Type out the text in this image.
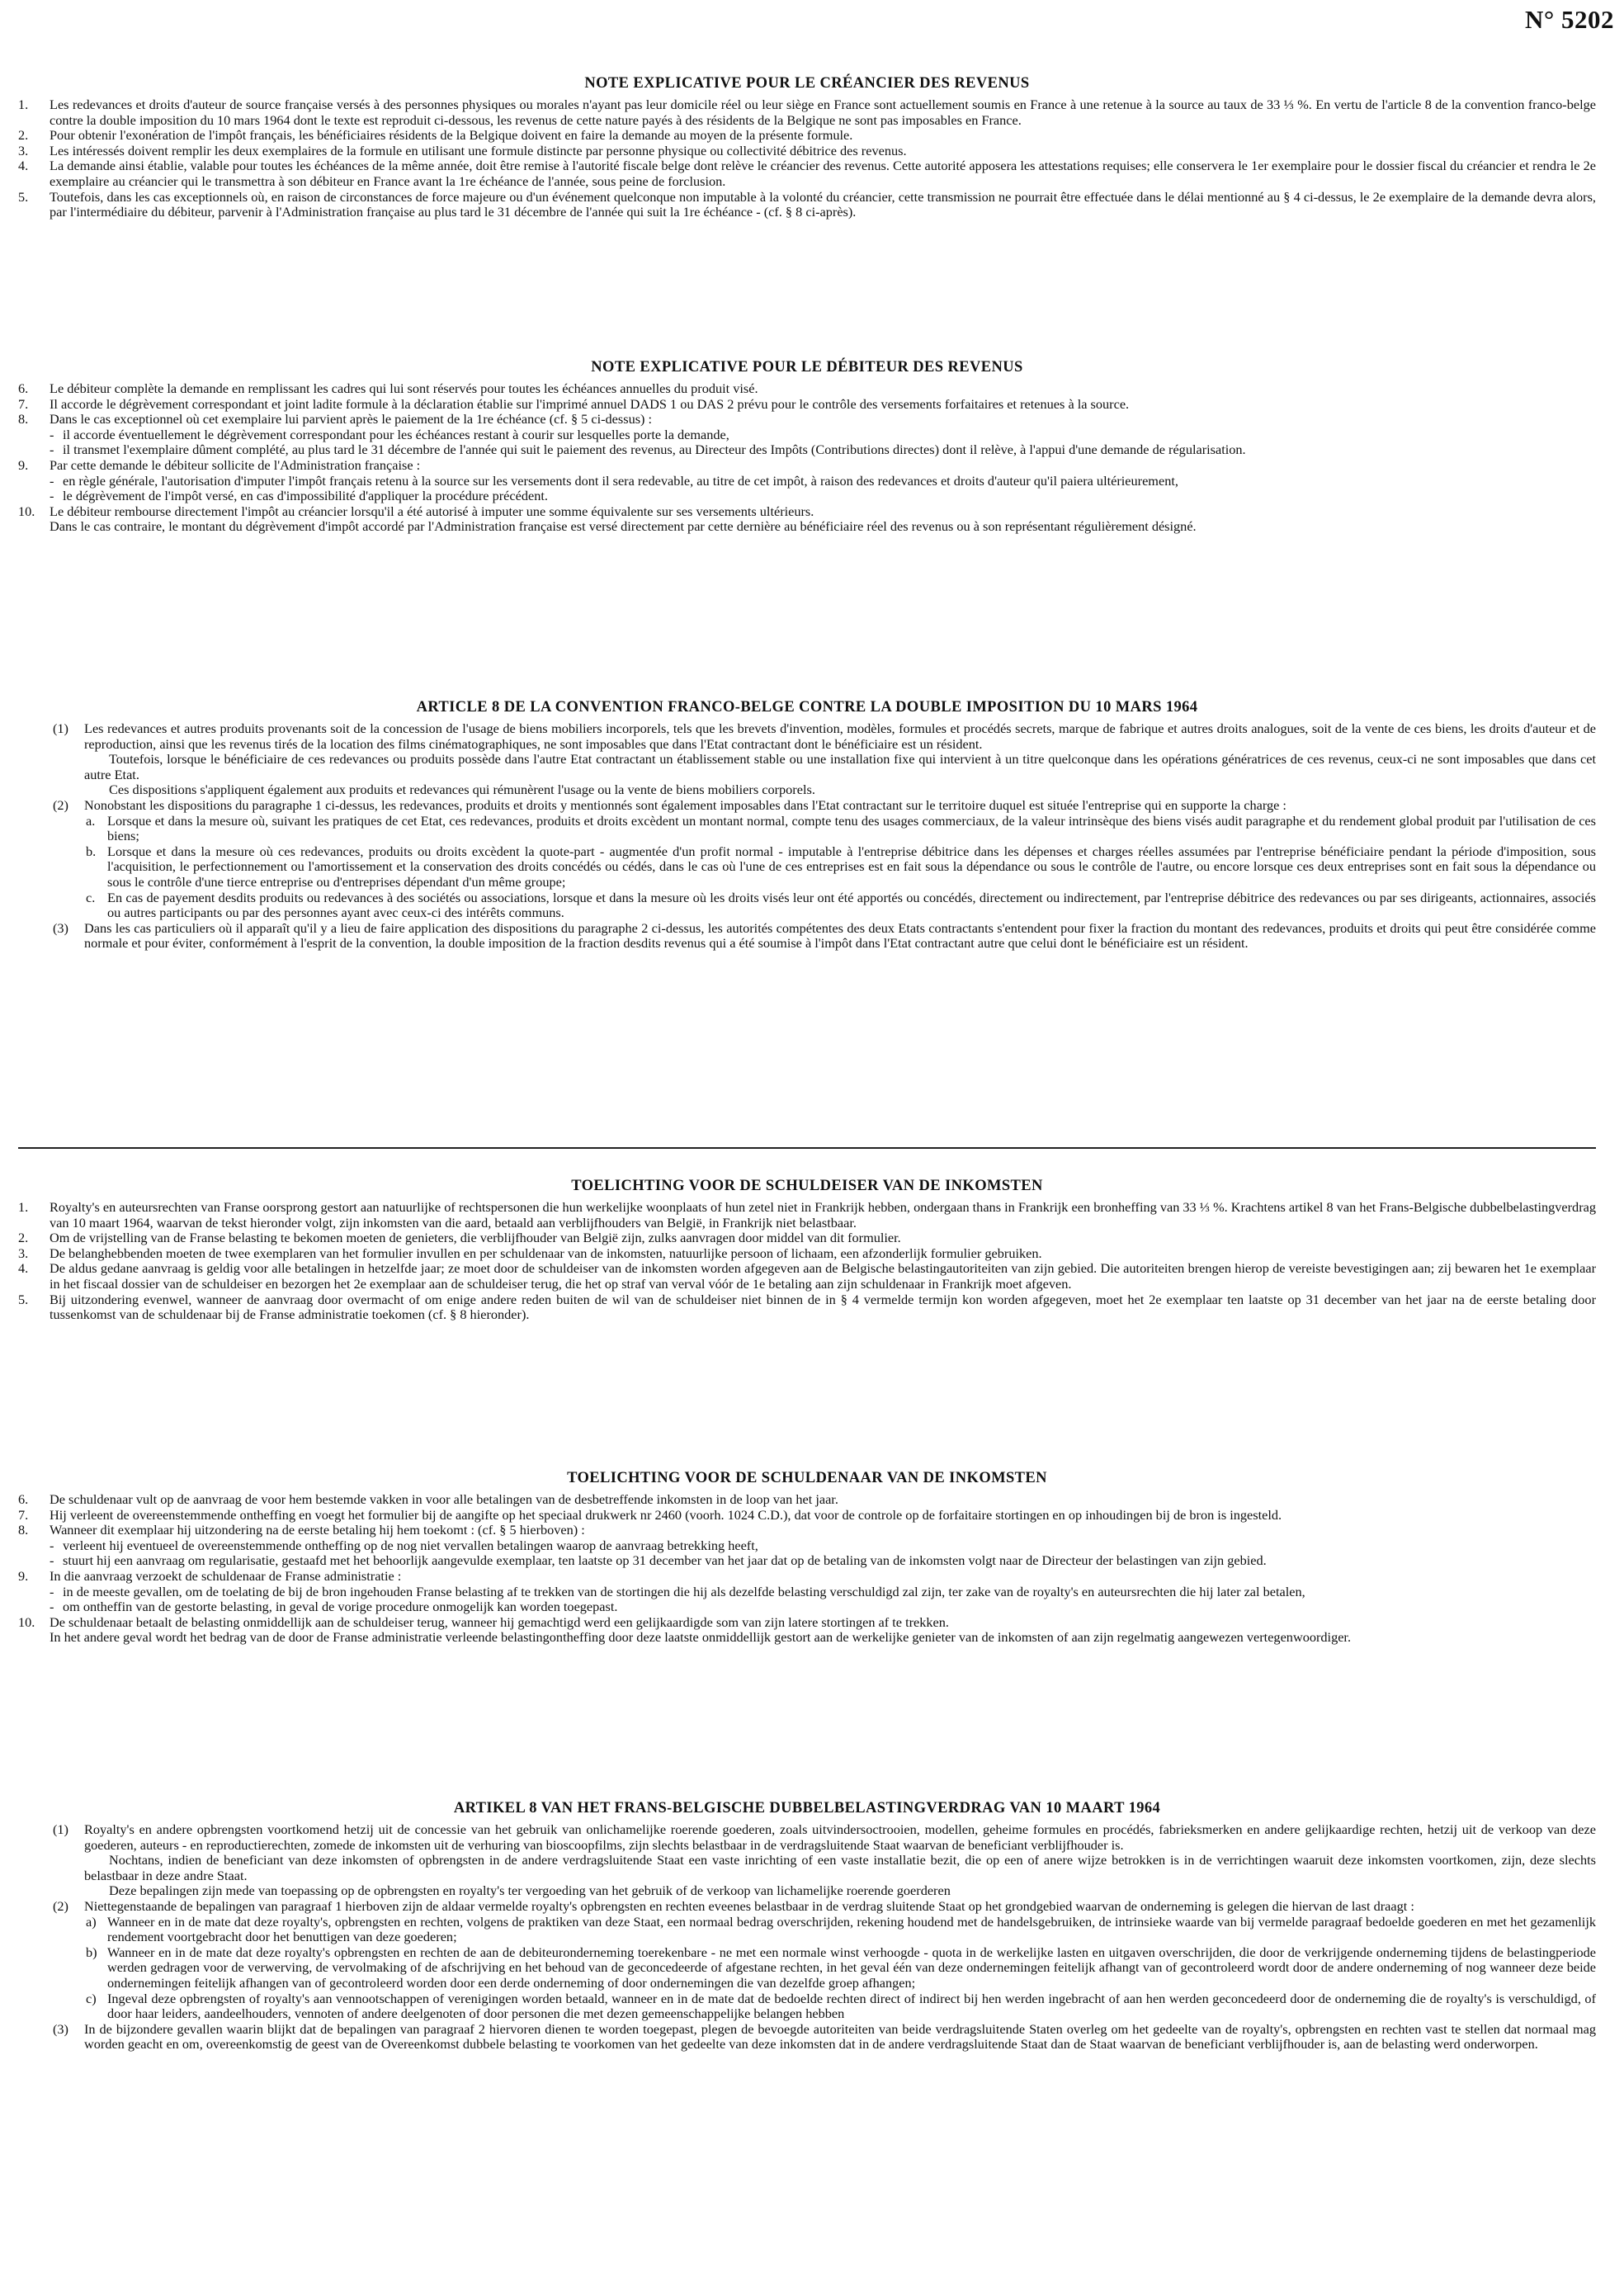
N° 5202
NOTE EXPLICATIVE POUR LE CRÉANCIER DES REVENUS
1.	Les redevances et droits d'auteur de source française versés à des personnes physiques ou morales n'ayant pas leur domicile réel ou leur siège en France sont actuellement soumis en France à une retenue à la source au taux de 33 ⅓ %. En vertu de l'article 8 de la convention franco-belge contre la double imposition du 10 mars 1964 dont le texte est reproduit ci-dessous, les revenus de cette nature payés à des résidents de la Belgique ne sont pas imposables en France.
2.	Pour obtenir l'exonération de l'impôt français, les bénéficiaires résidents de la Belgique doivent en faire la demande au moyen de la présente formule.
3.	Les intéressés doivent remplir les deux exemplaires de la formule en utilisant une formule distincte par personne physique ou collectivité débitrice des revenus.
4.	La demande ainsi établie, valable pour toutes les échéances de la même année, doit être remise à l'autorité fiscale belge dont relève le créancier des revenus. Cette autorité apposera les attestations requises; elle conservera le 1er exemplaire pour le dossier fiscal du créancier et rendra le 2e exemplaire au créancier qui le transmettra à son débiteur en France avant la 1re échéance de l'année, sous peine de forclusion.
5.	Toutefois, dans les cas exceptionnels où, en raison de circonstances de force majeure ou d'un événement quelconque non imputable à la volonté du créancier, cette transmission ne pourrait être effectuée dans le délai mentionné au § 4 ci-dessus, le 2e exemplaire de la demande devra alors, par l'intermédiaire du débiteur, parvenir à l'Administration française au plus tard le 31 décembre de l'année qui suit la 1re échéance - (cf. § 8 ci-après).
NOTE EXPLICATIVE POUR LE DÉBITEUR DES REVENUS
6.	Le débiteur complète la demande en remplissant les cadres qui lui sont réservés pour toutes les échéances annuelles du produit visé.
7.	Il accorde le dégrèvement correspondant et joint ladite formule à la déclaration établie sur l'imprimé annuel DADS 1 ou DAS 2 prévu pour le contrôle des versements forfaitaires et retenues à la source.
8.	Dans le cas exceptionnel où cet exemplaire lui parvient après le paiement de la 1re échéance (cf. § 5 ci-dessus) :
- il accorde éventuellement le dégrèvement correspondant pour les échéances restant à courir sur lesquelles porte la demande,
- il transmet l'exemplaire dûment complété, au plus tard le 31 décembre de l'année qui suit le paiement des revenus, au Directeur des Impôts (Contributions directes) dont il relève, à l'appui d'une demande de régularisation.
9.	Par cette demande le débiteur sollicite de l'Administration française :
- en règle générale, l'autorisation d'imputer l'impôt français retenu à la source sur les versements dont il sera redevable, au titre de cet impôt, à raison des redevances et droits d'auteur qu'il paiera ultérieurement,
- le dégrèvement de l'impôt versé, en cas d'impossibilité d'appliquer la procédure précédent.
10.	Le débiteur rembourse directement l'impôt au créancier lorsqu'il a été autorisé à imputer une somme équivalente sur ses versements ultérieurs.
Dans le cas contraire, le montant du dégrèvement d'impôt accordé par l'Administration française est versé directement par cette dernière au bénéficiaire réel des revenus ou à son représentant régulièrement désigné.
ARTICLE 8 DE LA CONVENTION FRANCO-BELGE CONTRE LA DOUBLE IMPOSITION DU 10 MARS 1964
(1) Les redevances et autres produits provenants soit de la concession de l'usage de biens mobiliers incorporels, tels que les brevets d'invention, modèles, formules et procédés secrets, marque de fabrique et autres droits analogues, soit de la vente de ces biens, les droits d'auteur et de reproduction, ainsi que les revenus tirés de la location des films cinématographiques, ne sont imposables que dans l'Etat contractant dont le bénéficiaire est un résident.
Toutefois, lorsque le bénéficiaire de ces redevances ou produits possède dans l'autre Etat contractant un établissement stable ou une installation fixe qui intervient à un titre quelconque dans les opérations génératrices de ces revenus, ceux-ci ne sont imposables que dans cet autre Etat.
Ces dispositions s'appliquent également aux produits et redevances qui rémunèrent l'usage ou la vente de biens mobiliers corporels.
(2) Nonobstant les dispositions du paragraphe 1 ci-dessus, les redevances, produits et droits y mentionnés sont également imposables dans l'Etat contractant sur le territoire duquel est située l'entreprise qui en supporte la charge :
a. Lorsque et dans la mesure où, suivant les pratiques de cet Etat, ces redevances, produits et droits excèdent un montant normal, compte tenu des usages commerciaux, de la valeur intrinsèque des biens visés audit paragraphe et du rendement global produit par l'utilisation de ces biens;
b. Lorsque et dans la mesure où ces redevances, produits ou droits excèdent la quote-part - augmentée d'un profit normal - imputable à l'entreprise débitrice dans les dépenses et charges réelles assumées par l'entreprise bénéficiaire pendant la période d'imposition, sous l'acquisition, le perfectionnement ou l'amortissement et la conservation des droits concédés ou cédés, dans le cas où l'une de ces entreprises est en fait sous la dépendance ou sous le contrôle de l'autre, ou encore lorsque ces deux entreprises sont en fait sous la dépendance ou sous le contrôle d'une tierce entreprise ou d'entreprises dépendant d'un même groupe;
c. En cas de payement desdits produits ou redevances à des sociétés ou associations, lorsque et dans la mesure où les droits visés leur ont été apportés ou concédés, directement ou indirectement, par l'entreprise débitrice des redevances ou par ses dirigeants, actionnaires, associés ou autres participants ou par des personnes ayant avec ceux-ci des intérêts communs.
(3) Dans les cas particuliers où il apparaît qu'il y a lieu de faire application des dispositions du paragraphe 2 ci-dessus, les autorités compétentes des deux Etats contractants s'entendent pour fixer la fraction du montant des redevances, produits et droits qui peut être considérée comme normale et pour éviter, conformément à l'esprit de la convention, la double imposition de la fraction desdits revenus qui a été soumise à l'impôt dans l'Etat contractant autre que celui dont le bénéficiaire est un résident.
TOELICHTING VOOR DE SCHULDEISER VAN DE INKOMSTEN
1.	Royalty's en auteursrechten van Franse oorsprong gestort aan natuurlijke of rechtspersonen die hun werkelijke woonplaats of hun zetel niet in Frankrijk hebben, ondergaan thans in Frankrijk een bronheffing van 33 ⅓ %. Krachtens artikel 8 van het Frans-Belgische dubbelbelastingverdrag van 10 maart 1964, waarvan de tekst hieronder volgt, zijn inkomsten van die aard, betaald aan verblijfhouders van België, in Frankrijk niet belastbaar.
2.	Om de vrijstelling van de Franse belasting te bekomen moeten de genieters, die verblijfhouder van België zijn, zulks aanvragen door middel van dit formulier.
3.	De belanghebbenden moeten de twee exemplaren van het formulier invullen en per schuldenaar van de inkomsten, natuurlijke persoon of lichaam, een afzonderlijk formulier gebruiken.
4.	De aldus gedane aanvraag is geldig voor alle betalingen in hetzelfde jaar; ze moet door de schuldeiser van de inkomsten worden afgegeven aan de Belgische belastingautoriteiten van zijn gebied. Die autoriteiten brengen hierop de vereiste bevestigingen aan; zij bewaren het 1e exemplaar in het fiscaal dossier van de schuldeiser en bezorgen het 2e exemplaar aan de schuldeiser terug, die het op straf van verval vóór de 1e betaling aan zijn schuldenaar in Frankrijk moet afgeven.
5.	Bij uitzondering evenwel, wanneer de aanvraag door overmacht of om enige andere reden buiten de wil van de schuldeiser niet binnen de in § 4 vermelde termijn kon worden afgegeven, moet het 2e exemplaar ten laatste op 31 december van het jaar na de eerste betaling door tussenkomst van de schuldenaar bij de Franse administratie toekomen (cf. § 8 hieronder).
TOELICHTING VOOR DE SCHULDENAAR VAN DE INKOMSTEN
6.	De schuldenaar vult op de aanvraag de voor hem bestemde vakken in voor alle betalingen van de desbetreffende inkomsten in de loop van het jaar.
7.	Hij verleent de overeenstemmende ontheffing en voegt het formulier bij de aangifte op het speciaal drukwerk nr 2460 (voorh. 1024 C.D.), dat voor de controle op de forfaitaire stortingen en op inhoudingen bij de bron is ingesteld.
8.	Wanneer dit exemplaar hij uitzondering na de eerste betaling hij hem toekomt : (cf. § 5 hierboven) :
- verleent hij eventueel de overeenstemmende ontheffing op de nog niet vervallen betalingen waarop de aanvraag betrekking heeft,
- stuurt hij een aanvraag om regularisatie, gestaafd met het behoorlijk aangevulde exemplaar, ten laatste op 31 december van het jaar dat op de betaling van de inkomsten volgt naar de Directeur der belastingen van zijn gebied.
9.	In die aanvraag verzoekt de schuldenaar de Franse administratie :
- in de meeste gevallen, om de toelating de bij de bron ingehouden Franse belasting af te trekken van de stortingen die hij als dezelfde belasting verschuldigd zal zijn, ter zake van de royalty's en auteursrechten die hij later zal betalen,
- om ontheffin van de gestorte belasting, in geval de vorige procedure onmogelijk kan worden toegepast.
10.	De schuldenaar betaalt de belasting onmiddellijk aan de schuldeiser terug, wanneer hij gemachtigd werd een gelijkaardigde som van zijn latere stortingen af te trekken.
In het andere geval wordt het bedrag van de door de Franse administratie verleende belastingontheffing door deze laatste onmiddellijk gestort aan de werkelijke genieter van de inkomsten of aan zijn regelmatig aangewezen vertegenwoordiger.
ARTIKEL 8 VAN HET FRANS-BELGISCHE DUBBELBELASTINGVERDRAG VAN 10 MAART 1964
(1) Royalty's en andere opbrengsten voortkomend hetzij uit de concessie van het gebruik van onlichamelijke roerende goederen, zoals uitvindersoctrooien, modellen, geheime formules en procédés, fabrieksmerken en andere gelijkaardige rechten, hetzij uit de verkoop van deze goederen, auteurs - en reproductierechten, zomede de inkomsten uit de verhuring van bioscoopfilms, zijn slechts belastbaar in de verdragsluitende Staat waarvan de beneficiant verblijfhouder is.
Nochtans, indien de beneficiant van deze inkomsten of opbrengsten in de andere verdragsluitende Staat een vaste inrichting of een vaste installatie bezit, die op een of anere wijze betrokken is in de verrichtingen waaruit deze inkomsten voortkomen, zijn, deze slechts belastbaar in deze andre Staat.
Deze bepalingen zijn mede van toepassing op de opbrengsten en royalty's ter vergoeding van het gebruik of de verkoop van lichamelijke roerende goerderen
(2) Niettegenstaande de bepalingen van paragraaf 1 hierboven zijn de aldaar vermelde royalty's opbrengsten en rechten eveenes belastbaar in de verdrag sluitende Staat op het grondgebied waarvan de onderneming is gelegen die hiervan de last draagt :
a) Wanneer en in de mate dat deze royalty's, opbrengsten en rechten, volgens de praktiken van deze Staat, een normaal bedrag overschrijden, rekening houdend met de handelsgebruiken, de intrinsieke waarde van bij vermelde paragraaf bedoelde goederen en met het gezamenlijk rendement voortgebracht door het benuttigen van deze goederen;
b) Wanneer en in de mate dat deze royalty's opbrengsten en rechten de aan de debiteuronderneming toerekenbare - ne met een normale winst verhoogde - quota in de werkelijke lasten en uitgaven overschrijden, die door de verkrijgende onderneming tijdens de belastingperiode werden gedragen voor de verwerving, de vervolmaking of de afschrijving en het behoud van de geconcedeerde of afgestane rechten, in het geval één van deze ondernemingen feitelijk afhangt van of gecontroleerd wordt door de andere onderneming of nog wanneer deze beide ondernemingen feitelijk afhangen van of gecontroleerd worden door een derde onderneming of door ondernemingen die van dezelfde groep afhangen;
c) Ingeval deze opbrengsten of royalty's aan vennootschappen of verenigingen worden betaald, wanneer en in de mate dat de bedoelde rechten direct of indirect bij hen werden ingebracht of aan hen werden geconcedeerd door de onderneming die de royalty's is verschuldigd, of door haar leiders, aandeelhouders, vennoten of andere deelgenoten of door personen die met dezen gemeenschappelijke belangen hebben
(3) In de bijzondere gevallen waarin blijkt dat de bepalingen van paragraaf 2 hiervoren dienen te worden toegepast, plegen de bevoegde autoriteiten van beide verdragsluitende Staten overleg om het gedeelte van de royalty's, opbrengsten en rechten vast te stellen dat normaal mag worden geacht en om, overeenkomstig de geest van de Overeenkomst dubbele belasting te voorkomen van het gedeelte van deze inkomsten dat in de andere verdragsluitende Staat dan de Staat waarvan de beneficiant verblijfhouder is, aan de belasting werd onderworpen.
